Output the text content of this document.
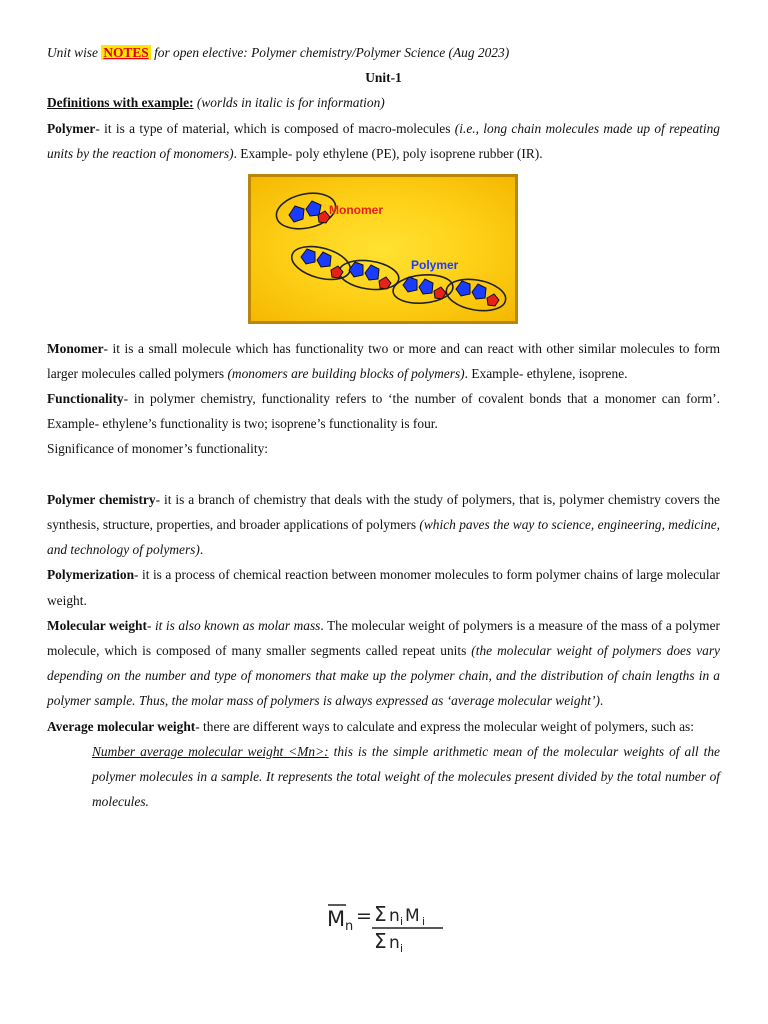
Unit wise NOTES for open elective: Polymer chemistry/Polymer Science (Aug 2023)

Unit-1

Definitions with example: (worlds in italic is for information)

Polymer- it is a type of material, which is composed of macro-molecules (i.e., long chain molecules made up of repeating units by the reaction of monomers). Example- poly ethylene (PE), poly isoprene rubber (IR).

Monomer
Polymer

Monomer- it is a small molecule which has functionality two or more and can react with other similar molecules to form larger molecules called polymers (monomers are building blocks of polymers). Example- ethylene, isoprene.

Functionality- in polymer chemistry, functionality refers to ‘the number of covalent bonds that a monomer can form’. Example- ethylene’s functionality is two; isoprene’s functionality is four.

Significance of monomer’s functionality:

Polymer chemistry- it is a branch of chemistry that deals with the study of polymers, that is, polymer chemistry covers the synthesis, structure, properties, and broader applications of polymers (which paves the way to science, engineering, medicine, and technology of polymers).

Polymerization- it is a process of chemical reaction between monomer molecules to form polymer chains of large molecular weight.

Molecular weight- it is also known as molar mass. The molecular weight of polymers is a measure of the mass of a polymer molecule, which is composed of many smaller segments called repeat units (the molecular weight of polymers does vary depending on the number and type of monomers that make up the polymer chain, and the distribution of chain lengths in a polymer sample. Thus, the molar mass of polymers is always expressed as ‘average molecular weight’).

Average molecular weight- there are different ways to calculate and express the molecular weight of polymers, such as:

Number average molecular weight <Mn>: this is the simple arithmetic mean of the molecular weights of all the polymer molecules in a sample. It represents the total weight of the molecules present divided by the total number of molecules.

M n = Σ n i M i
Σ n i
